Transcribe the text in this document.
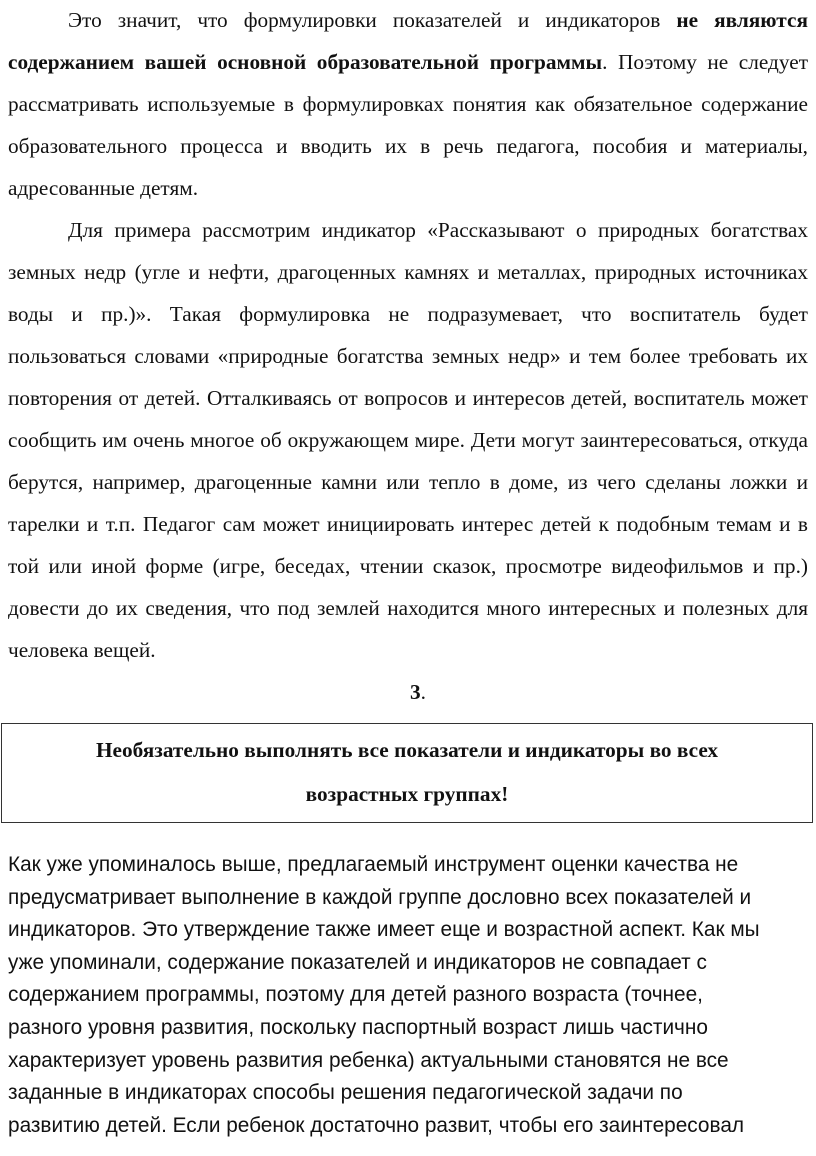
Это значит, что формулировки показателей и индикаторов не являются содержанием вашей основной образовательной программы. Поэтому не следует рассматривать используемые в формулировках понятия как обязательное содержание образовательного процесса и вводить их в речь педагога, пособия и материалы, адресованные детям.

Для примера рассмотрим индикатор «Рассказывают о природных богатствах земных недр (угле и нефти, драгоценных камнях и металлах, природных источниках воды и пр.)». Такая формулировка не подразумевает, что воспитатель будет пользоваться словами «природные богатства земных недр» и тем более требовать их повторения от детей. Отталкиваясь от вопросов и интересов детей, воспитатель может сообщить им очень многое об окружающем мире. Дети могут заинтересоваться, откуда берутся, например, драгоценные камни или тепло в доме, из чего сделаны ложки и тарелки и т.п. Педагог сам может инициировать интерес детей к подобным темам и в той или иной форме (игре, беседах, чтении сказок, просмотре видеофильмов и пр.) довести до их сведения, что под землей находится много интересных и полезных для человека вещей.

3.

Необязательно выполнять все показатели и индикаторы во всех
возрастных группах!
Как уже упоминалось выше, предлагаемый инструмент оценки качества не
предусматривает выполнение в каждой группе дословно всех показателей и
индикаторов. Это утверждение также имеет еще и возрастной аспект. Как мы
уже упоминали, содержание показателей и индикаторов не совпадает с
содержанием программы, поэтому для детей разного возраста (точнее,
разного уровня развития, поскольку паспортный возраст лишь частично
характеризует уровень развития ребенка) актуальными становятся не все
заданные в индикаторах способы решения педагогической задачи по
развитию детей. Если ребенок достаточно развит, чтобы его заинтересовал
